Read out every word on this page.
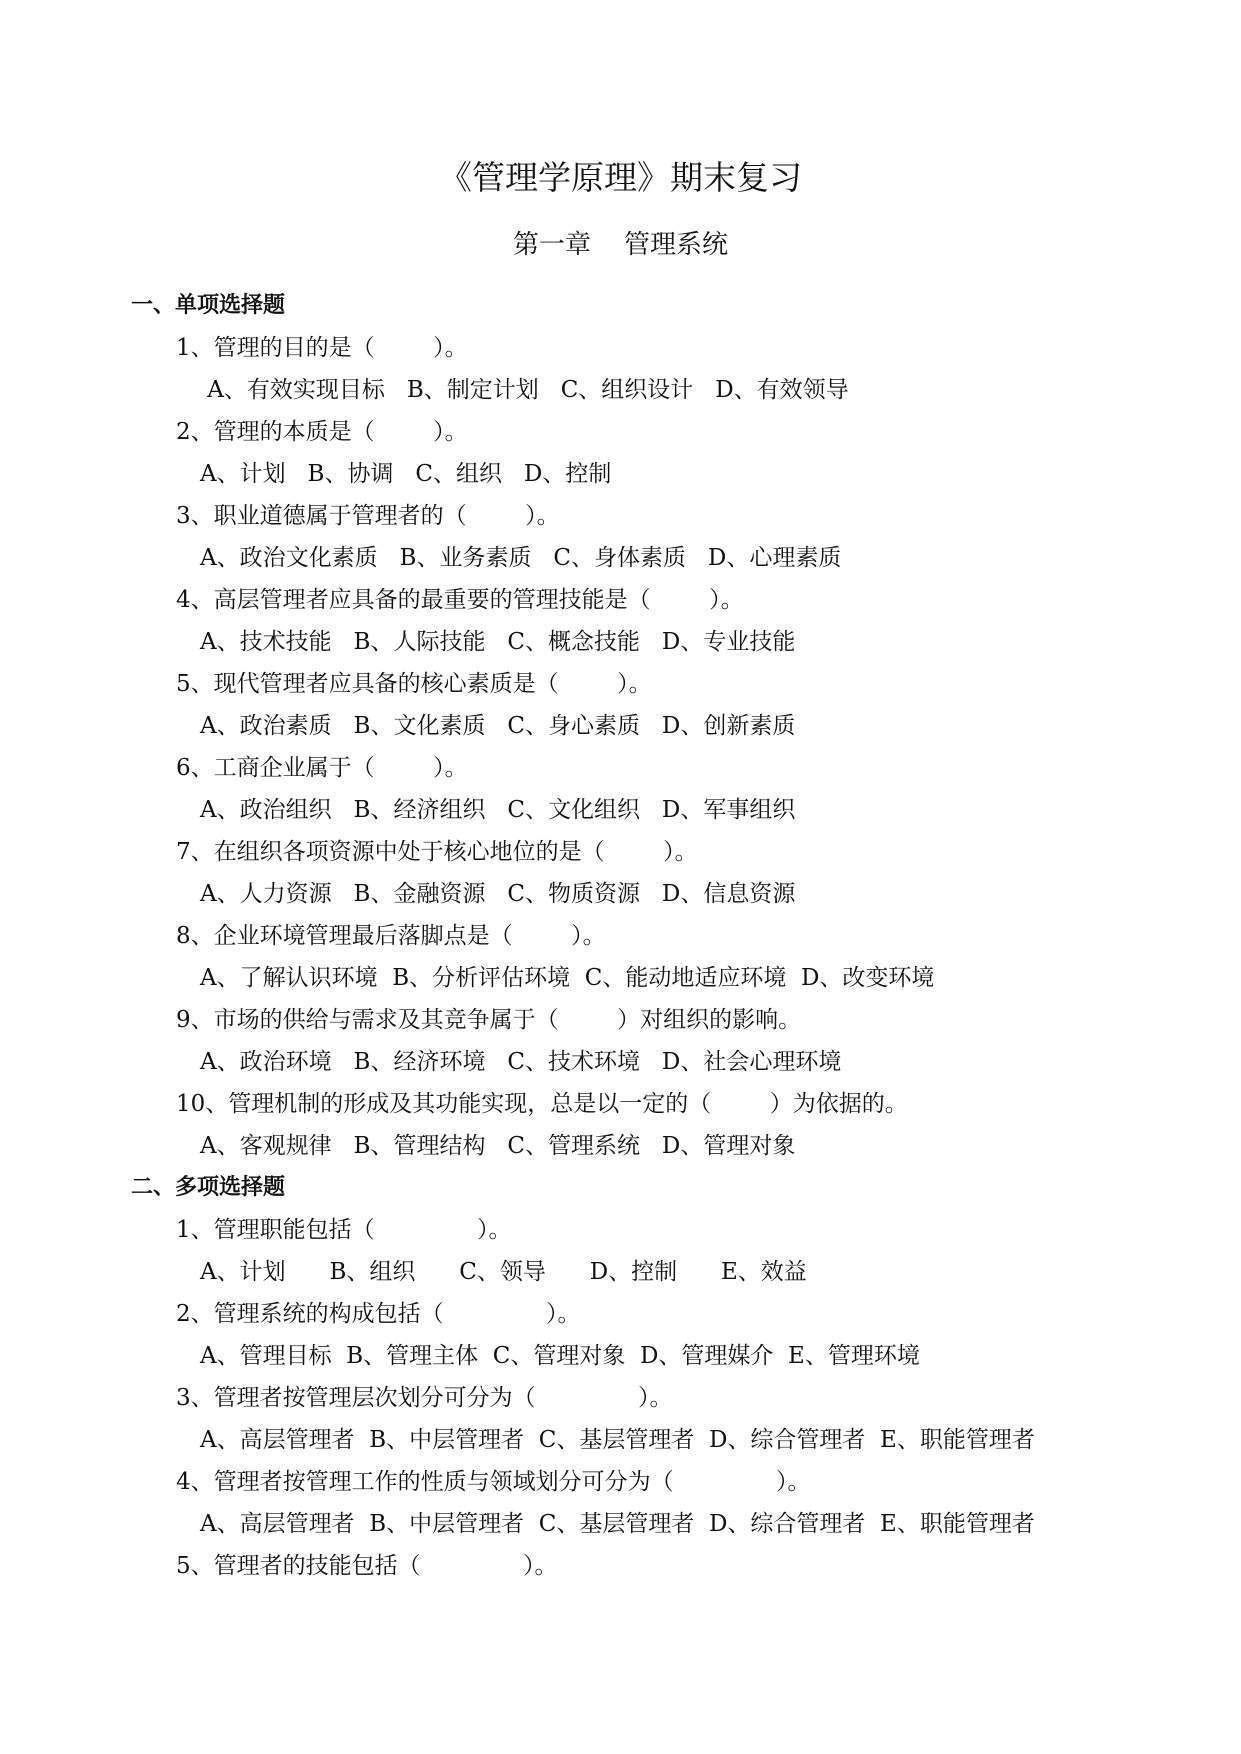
《管理学原理》期末复习
第一章    管理系统
一、单项选择题
1、管理的目的是（        ）。
A、有效实现目标   B、制定计划   C、组织设计   D、有效领导
2、管理的本质是（        ）。
A、计划   B、协调   C、组织   D、控制
3、职业道德属于管理者的（        ）。
A、政治文化素质   B、业务素质   C、身体素质   D、心理素质
4、高层管理者应具备的最重要的管理技能是（        ）。
A、技术技能   B、人际技能   C、概念技能   D、专业技能
5、现代管理者应具备的核心素质是（        ）。
A、政治素质   B、文化素质   C、身心素质   D、创新素质
6、工商企业属于（        ）。
A、政治组织   B、经济组织   C、文化组织   D、军事组织
7、在组织各项资源中处于核心地位的是（        ）。
A、人力资源   B、金融资源   C、物质资源   D、信息资源
8、企业环境管理最后落脚点是（        ）。
A、了解认识环境  B、分析评估环境  C、能动地适应环境  D、改变环境
9、市场的供给与需求及其竞争属于（        ）对组织的影响。
A、政治环境   B、经济环境   C、技术环境   D、社会心理环境
10、管理机制的形成及其功能实现，总是以一定的（        ）为依据的。
A、客观规律   B、管理结构   C、管理系统   D、管理对象
二、多项选择题
1、管理职能包括（              ）。
A、计划      B、组织      C、领导      D、控制      E、效益
2、管理系统的构成包括（              ）。
A、管理目标  B、管理主体  C、管理对象  D、管理媒介  E、管理环境
3、管理者按管理层次划分可分为（              ）。
A、高层管理者  B、中层管理者  C、基层管理者  D、综合管理者  E、职能管理者
4、管理者按管理工作的性质与领域划分可分为（              ）。
A、高层管理者  B、中层管理者  C、基层管理者  D、综合管理者  E、职能管理者
5、管理者的技能包括（              ）。
